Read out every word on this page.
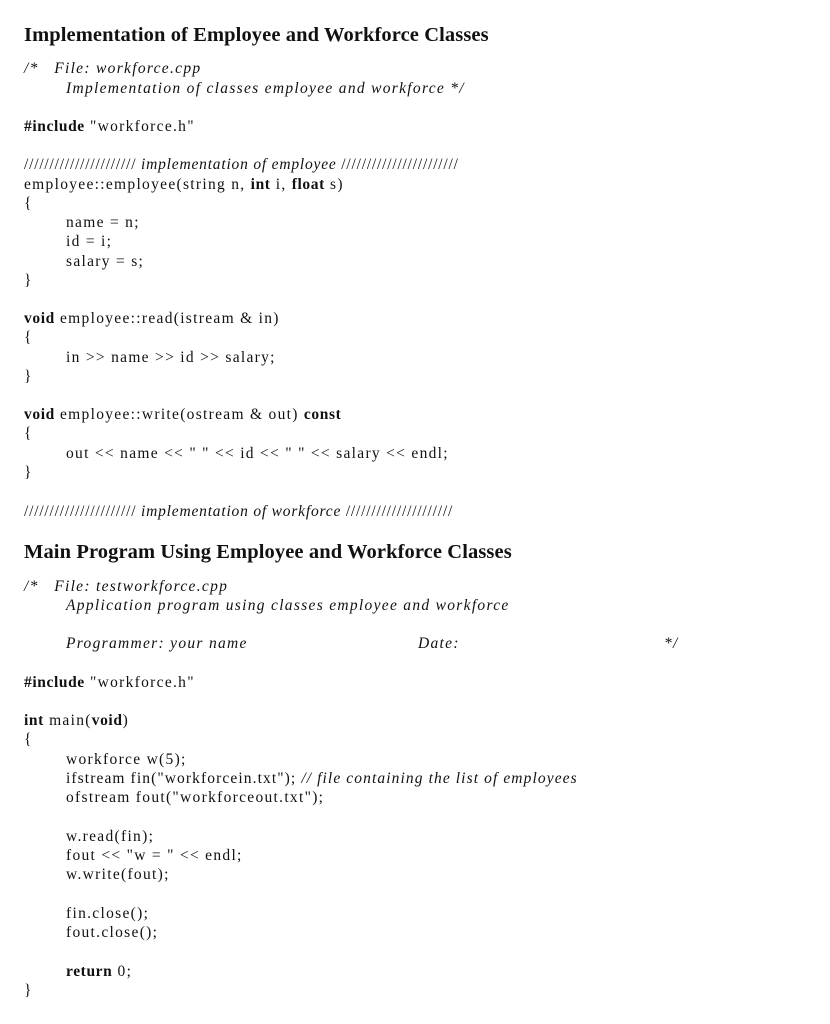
Implementation of Employee and Workforce Classes
/* File: workforce.cpp
Implementation of classes employee and workforce */
#include "workforce.h"
////////////////////// implementation of employee ///////////////////////
employee::employee(string n, int i, float s)
{
name = n;
id = i;
salary = s;
}
void employee::read(istream & in)
{
in >> name >> id >> salary;
}
void employee::write(ostream & out) const
{
out << name << " " << id << " " << salary << endl;
}
////////////////////// implementation of workforce /////////////////////
Main Program Using Employee and Workforce Classes
/* File: testworkforce.cpp
Application program using classes employee and workforce
Programmer: your name	Date:	*/
#include "workforce.h"
int main(void)
{
workforce w(5);
ifstream fin("workforcein.txt"); // file containing the list of employees
ofstream fout("workforceout.txt");
w.read(fin);
fout << "w = " << endl;
w.write(fout);
fin.close();
fout.close();
return 0;
}
